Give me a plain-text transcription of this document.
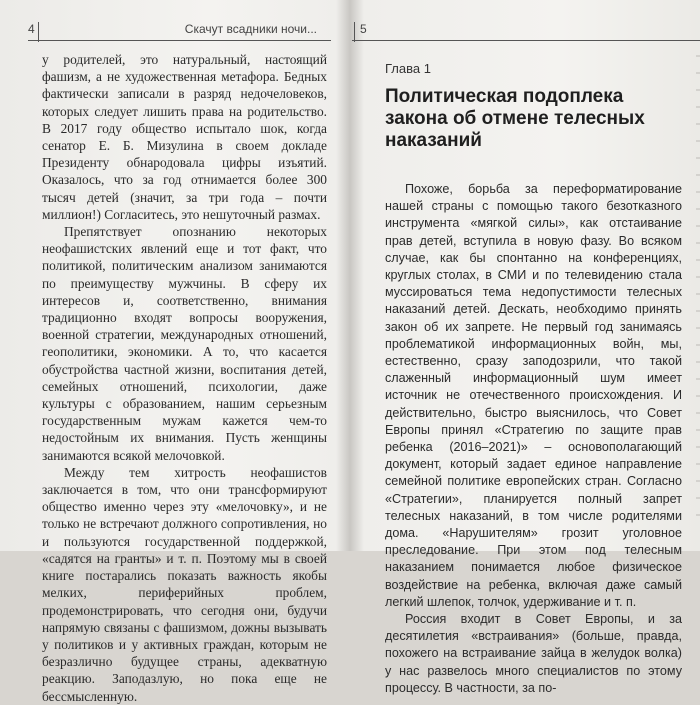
4	Скачут всадники ночи...

у родителей, это натуральный, настоящий фашизм, а не художественная метафора. Бедных фактически записали в разряд недочеловеков, которых следует лишить права на родительство. В 2017 году общество испытало шок, когда сенатор Е. Б. Мизулина в своем докладе Президенту обнародовала цифры изъятий. Оказалось, что за год отнимается более 300 тысяч детей (значит, за три года – почти миллион!) Согласитесь, это нешуточный размах.

Препятствует опознанию некоторых неофашистских явлений еще и тот факт, что политикой, политическим анализом занимаются по преимуществу мужчины. В сферу их интересов и, соответственно, внимания традиционно входят вопросы вооружения, военной стратегии, международных отношений, геополитики, экономики. А то, что касается обустройства частной жизни, воспитания детей, семейных отношений, психологии, даже культуры с образованием, нашим серьезным государственным мужам кажется чем-то недостойным их внимания. Пусть женщины занимаются всякой мелочовкой.

Между тем хитрость неофашистов заключается в том, что они трансформируют общество именно через эту «мелочовку», и не только не встречают должного сопротивления, но и пользуются государственной поддержкой, «садятся на гранты» и т. п. Поэтому мы в своей книге постарались показать важность якобы мелких, периферийных проблем, продемонстрировать, что сегодня они, будучи напрямую связаны с фашизмом, дожны вызывать у политиков и у активных граждан, которым не безразлично будущее страны, адекватную реакцию. Заподазлую, но пока еще не бессмысленную.

5
Глава 1
Политическая подоплека закона об отмене телесных наказаний

Похоже, борьба за переформатирование нашей страны с помощью такого безотказного инструмента «мягкой силы», как отстаивание прав детей, вступила в новую фазу. Во всяком случае, как бы спонтанно на конференциях, круглых столах, в СМИ и по телевидению стала муссироваться тема недопустимости телесных наказаний детей. Дескать, необходимо принять закон об их запрете. Не первый год занимаясь проблематикой информационных войн, мы, естественно, сразу заподозрили, что такой слаженный информационный шум имеет источник не отечественного происхождения. И действительно, быстро выяснилось, что Совет Европы принял «Стратегию по защите прав ребенка (2016–2021)» – основополагающий документ, который задает единое направление семейной политике европейских стран. Согласно «Стратегии», планируется полный запрет телесных наказаний, в том числе родителями дома. «Нарушителям» грозит уголовное преследование. При этом под телесным наказанием понимается любое физическое воздействие на ребенка, включая даже самый легкий шлепок, толчок, удерживание и т. п.

Россия входит в Совет Европы, и за десятилетия «встраивания» (больше, правда, похожего на встраивание зайца в желудок волка) у нас развелось много специалистов по этому процессу. В частности, за по-
